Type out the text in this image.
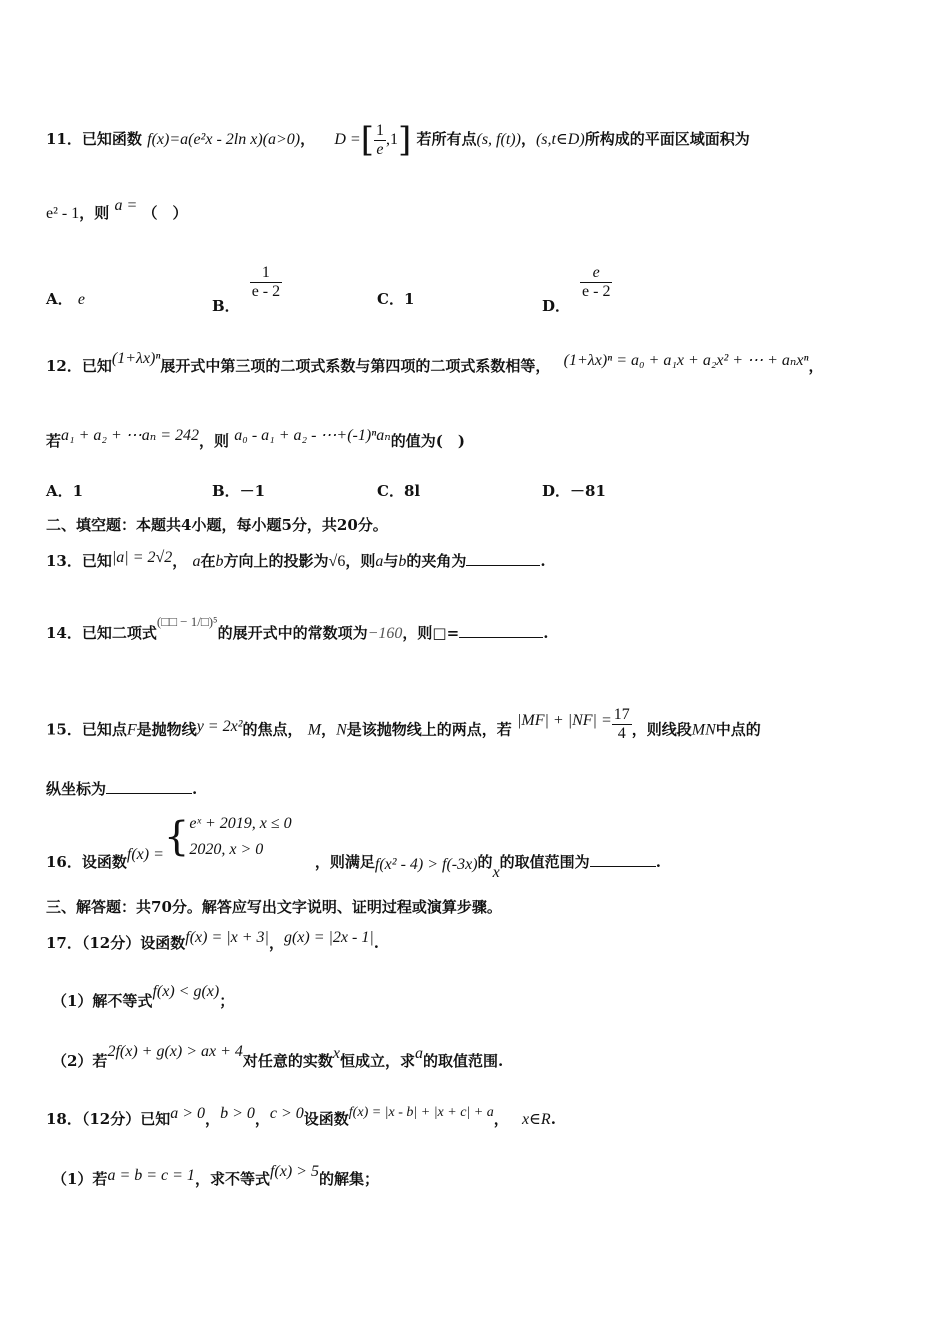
11．已知函数 f(x)=a(e²x - 2ln x)(a>0)， D =[ $\frac{1}{e} ,1$] 若所有点(s, f(t))，(s,t∈D)所构成的平面区域面积为
e² - 1，则 a = （　）
A． e	B．
$\frac{1}{e - 2}$	C．1	D．
$\frac{e}{e - 2}$
12．已知(1+λx)ⁿ展开式中第三项的二项式系数与第四项的二项式系数相等， (1+λx)ⁿ = a₀ + a₁x + a₂x² + ⋯ + aₙxⁿ，
若a₁ + a₂ + ⋯aₙ = 242，则 a₀ - a₁ + a₂ - ⋯+(-1)ⁿaₙ的值为(　)
A．1	B．－1	C．8l	D．－81
二、填空题：本题共4小题，每小题5分，共20分。
13．已知|a| = 2√2， a在b方向上的投影为√6，则a与b的夹角为	.
14．已知二项式(□□ − 1/□)⁵的展开式中的常数项为−160，则□=	.
15．已知点F是抛物线y = 2x²的焦点， M，N是该抛物线上的两点，若 $|MF| + |NF| = \frac{17}{4}$ ，则线段MN中点的
纵坐标为	.
16．设函数f(x) ={ eˣ + 2019, x ≤ 0
2020, x > 0
，则满足f(x² - 4) > f(-3x)的x的取值范围为	.
三、解答题：共70分。解答应写出文字说明、证明过程或演算步骤。
17．（12分）设函数f(x) = |x + 3|，g(x) = |2x - 1|.
（1）解不等式f(x) < g(x)；
（2）若2f(x) + g(x) > ax + 4对任意的实数x恒成立，求a的取值范围.
18．（12分）已知a > 0，b > 0，c > 0设函数f(x) = |x - b| + |x + c| + a， x∈R.
（1）若a = b = c = 1，求不等式f(x) > 5的解集；
